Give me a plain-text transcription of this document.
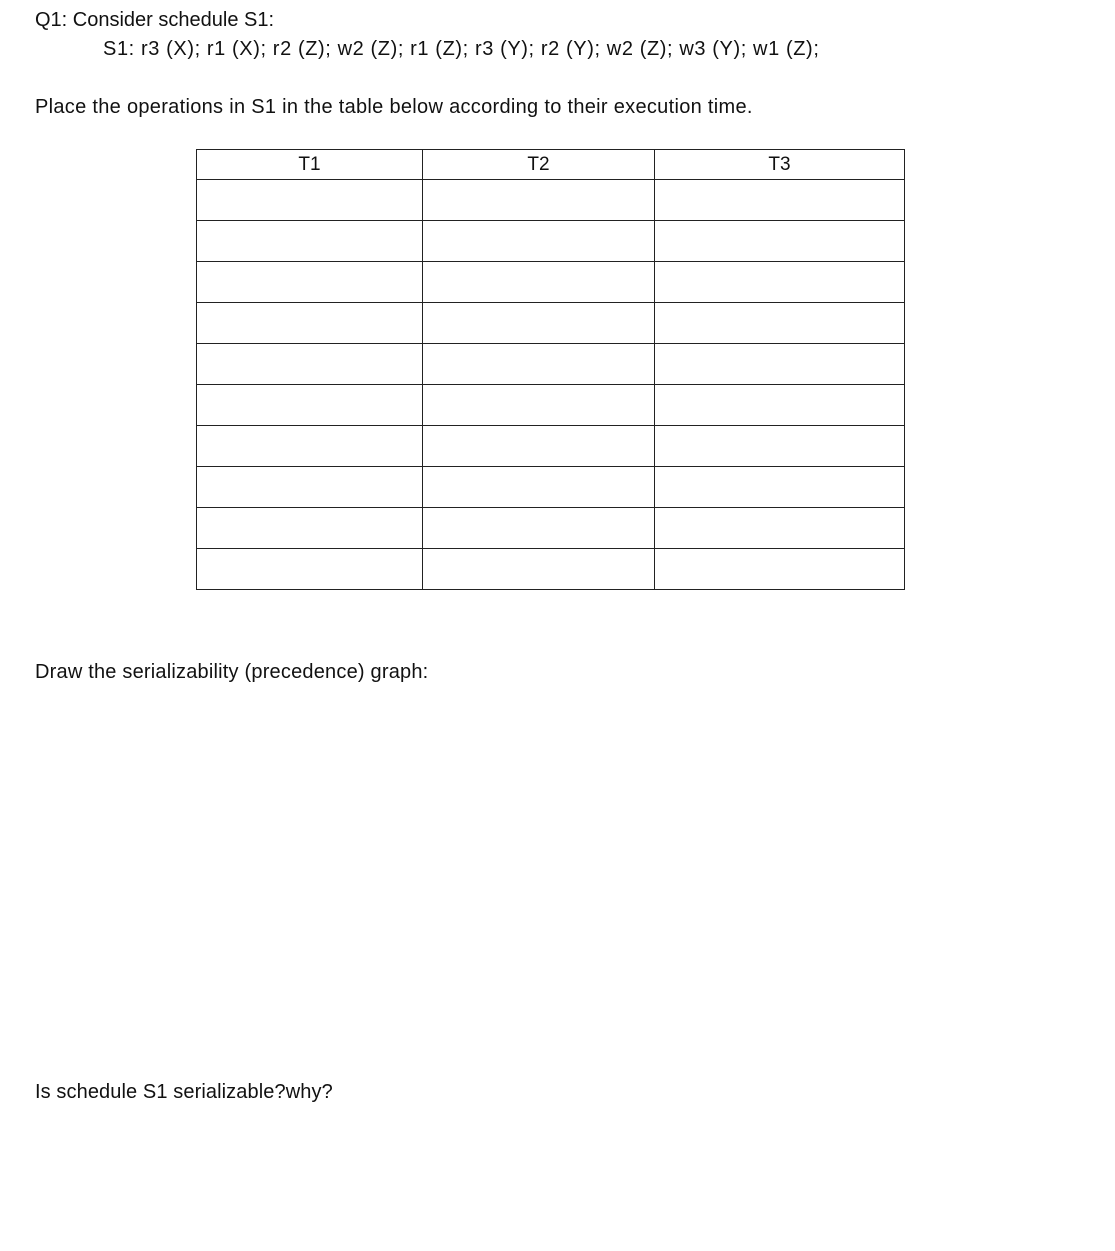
Q1: Consider schedule S1:
S1: r3 (X); r1 (X); r2 (Z); w2 (Z); r1 (Z); r3 (Y); r2 (Y); w2 (Z); w3 (Y); w1 (Z);
Place the operations in S1 in the table below according to their execution time.
T1	T2	T3

Draw the serializability (precedence) graph:
Is schedule S1 serializable?why?
